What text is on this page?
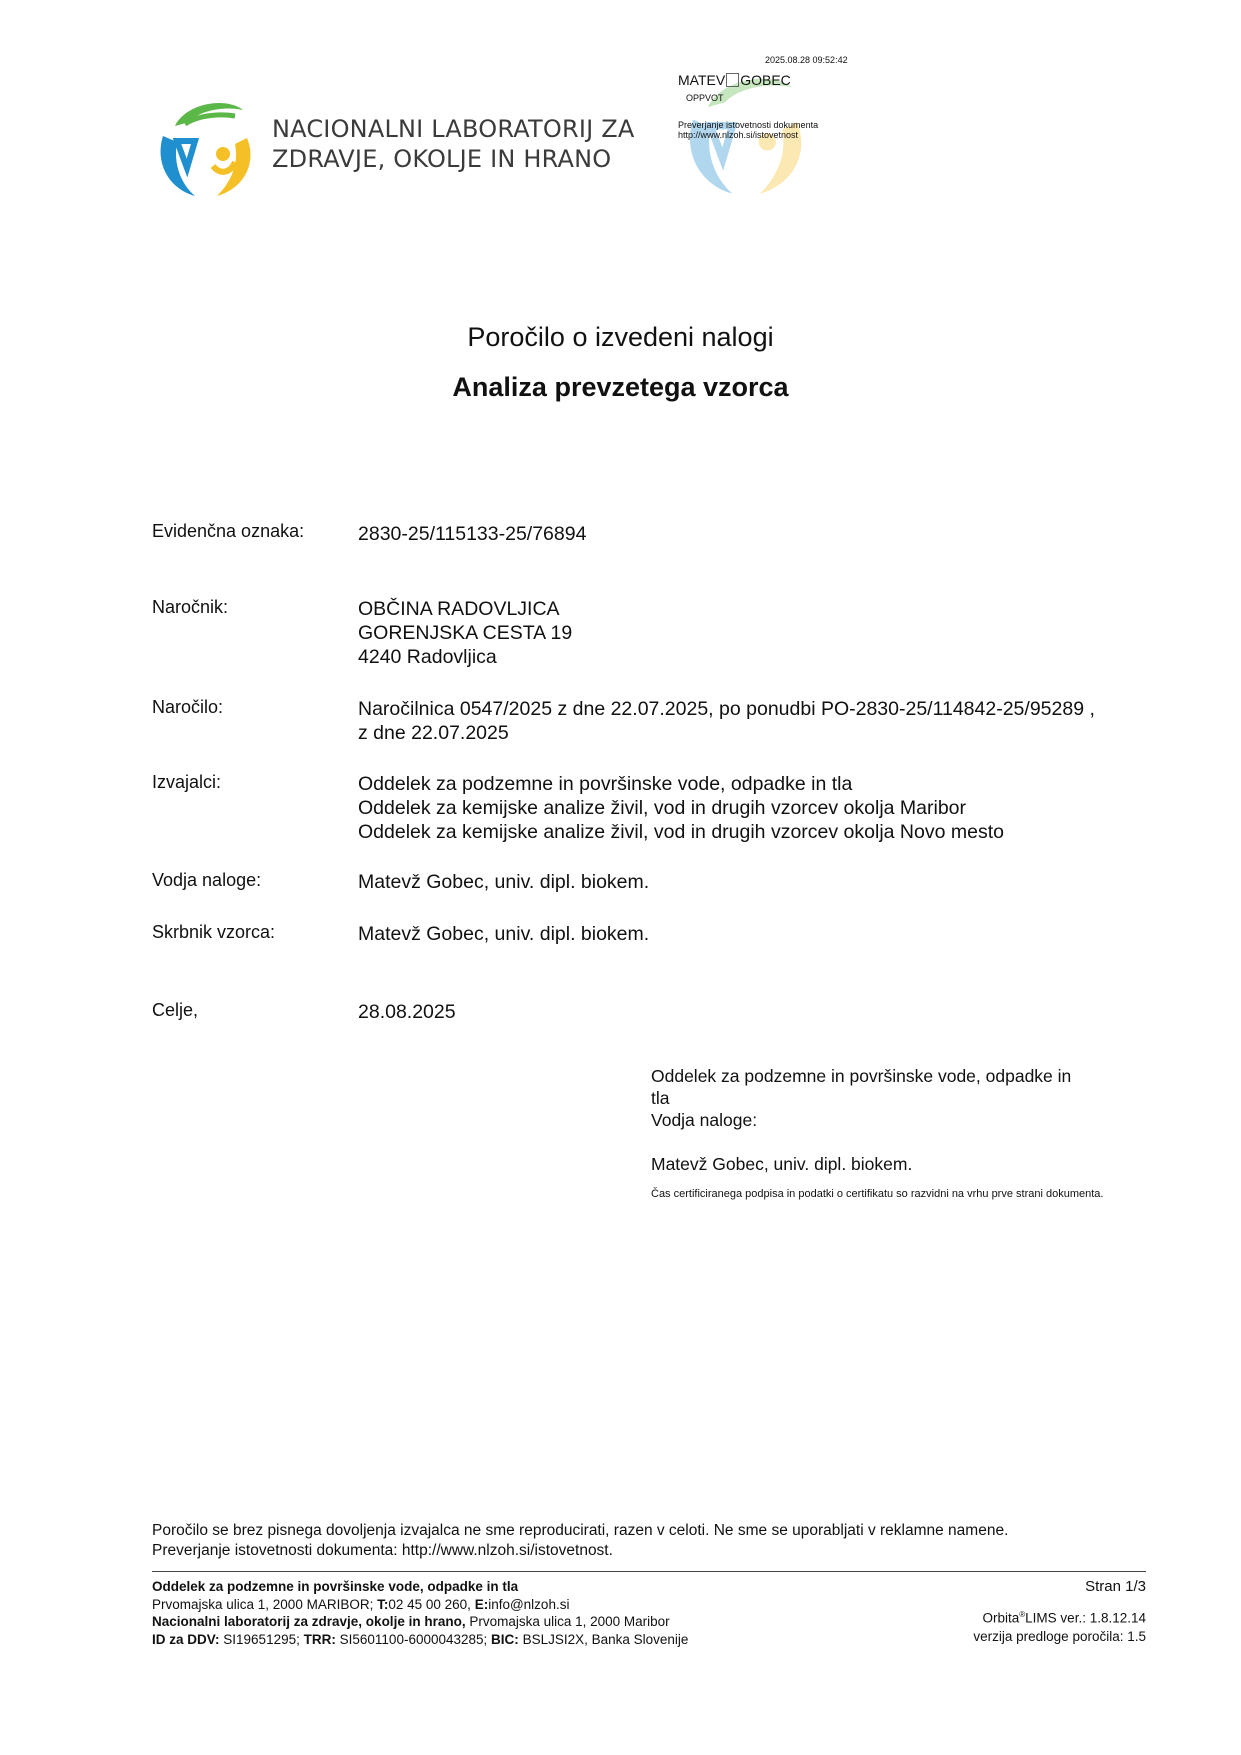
NACIONALNI LABORATORIJ ZA
ZDRAVJE, OKOLJE IN HRANO
2025.08.28 09:52:42
MATEV GOBEC
OPPVOT
Preverjanje istovetnosti dokumenta
http://www.nlzoh.si/istovetnost
Poročilo o izvedeni nalogi
Analiza prevzetega vzorca
Evidenčna oznaka:	2830-25/115133-25/76894
Naročnik:	OBČINA RADOVLJICA
GORENJSKA CESTA 19
4240 Radovljica
Naročilo:	Naročilnica 0547/2025 z dne 22.07.2025, po ponudbi PO-2830-25/114842-25/95289 ,
z dne 22.07.2025
Izvajalci:	Oddelek za podzemne in površinske vode, odpadke in tla
Oddelek za kemijske analize živil, vod in drugih vzorcev okolja Maribor
Oddelek za kemijske analize živil, vod in drugih vzorcev okolja Novo mesto
Vodja naloge:	Matevž Gobec, univ. dipl. biokem.
Skrbnik vzorca:	Matevž Gobec, univ. dipl. biokem.
Celje,	28.08.2025
Oddelek za podzemne in površinske vode, odpadke in
tla
Vodja naloge:
Matevž Gobec, univ. dipl. biokem.
Čas certificiranega podpisa in podatki o certifikatu so razvidni na vrhu prve strani dokumenta.
Poročilo se brez pisnega dovoljenja izvajalca ne sme reproducirati, razen v celoti. Ne sme se uporabljati v reklamne namene.
Preverjanje istovetnosti dokumenta: http://www.nlzoh.si/istovetnost.
Oddelek za podzemne in površinske vode, odpadke in tla
Prvomajska ulica 1, 2000 MARIBOR; T:02 45 00 260, E:info@nlzoh.si
Nacionalni laboratorij za zdravje, okolje in hrano, Prvomajska ulica 1, 2000 Maribor
ID za DDV: SI19651295; TRR: SI5601100-6000043285; BIC: BSLJSI2X, Banka Slovenije
Stran 1/3
Orbita®LIMS ver.: 1.8.12.14
verzija predloge poročila: 1.5
